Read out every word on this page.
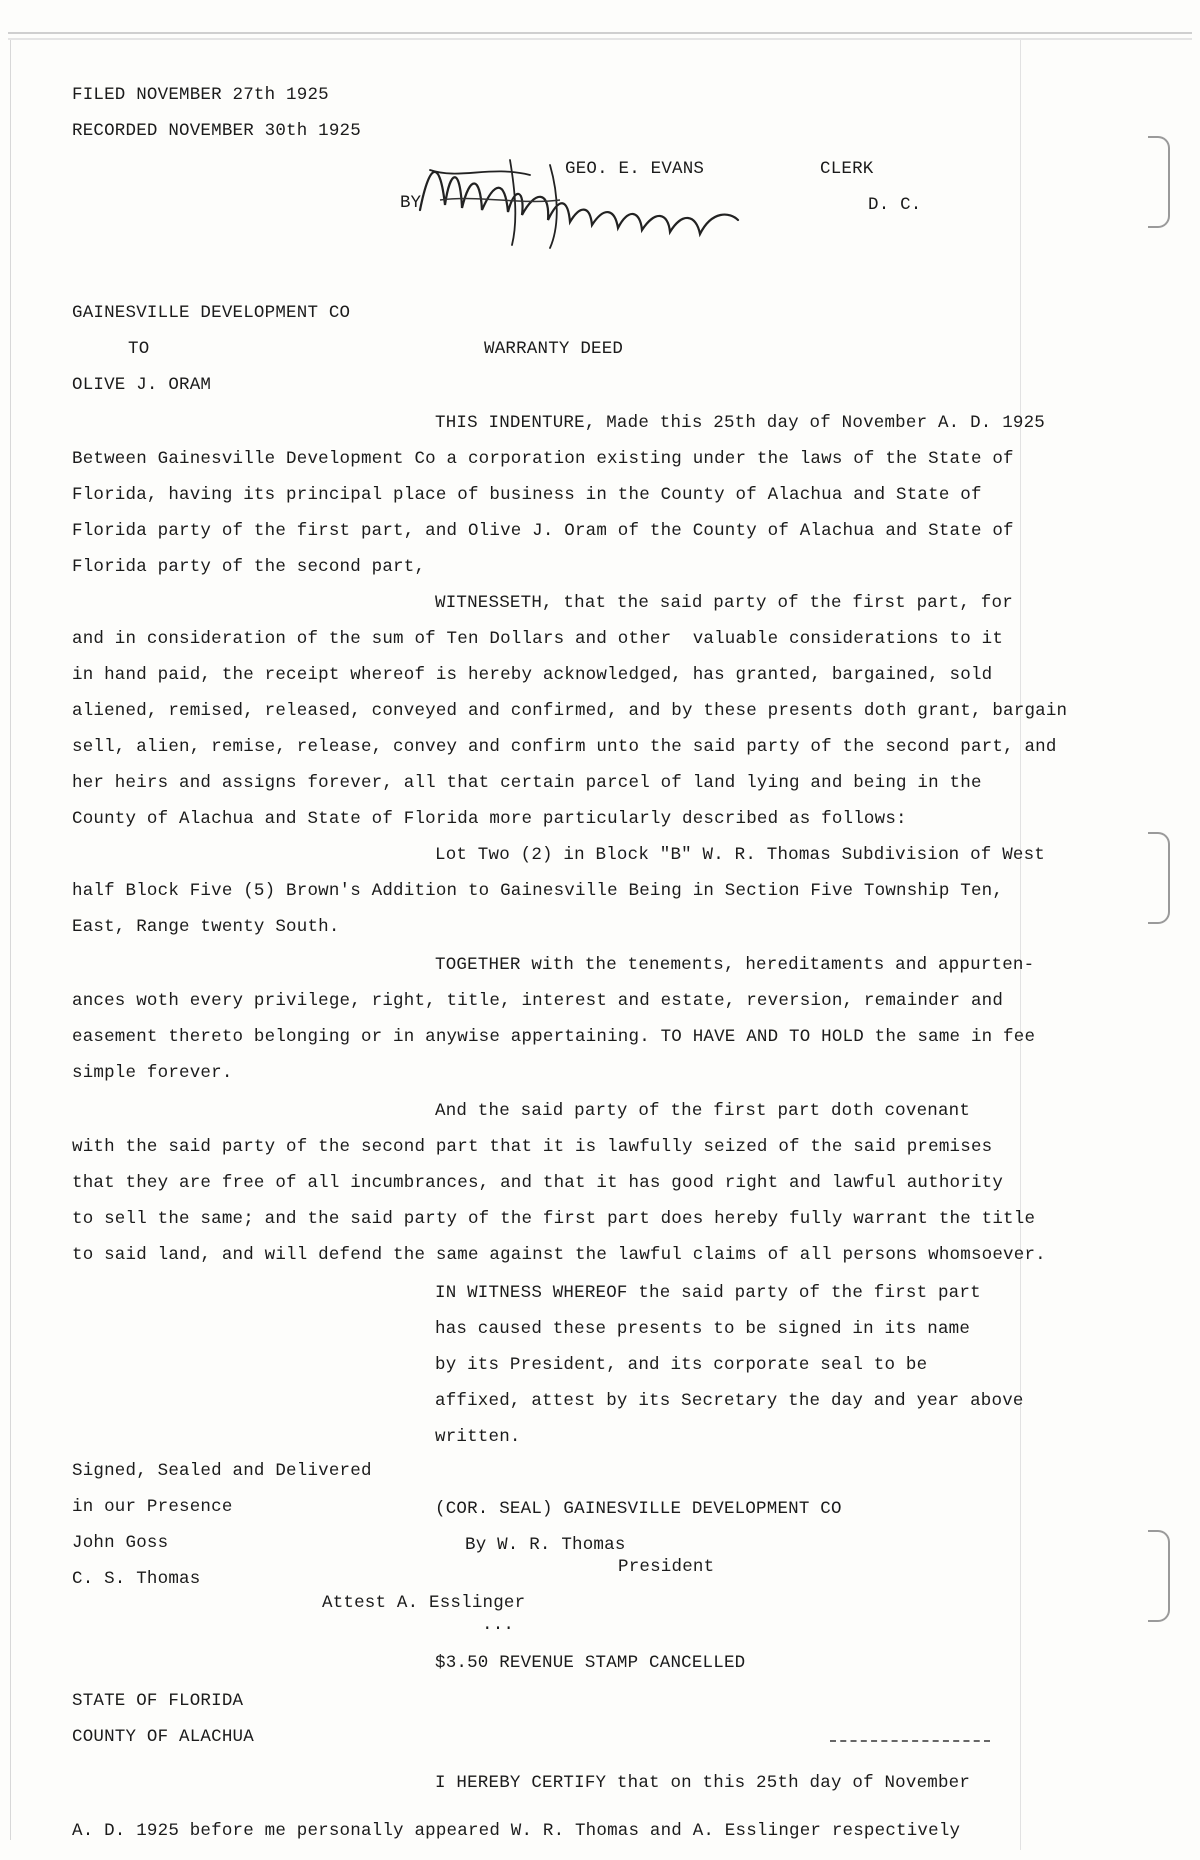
FILED NOVEMBER 27th 1925
RECORDED NOVEMBER 30th 1925
GEO. E. EVANS	CLERK
D. C.
BY
GAINESVILLE DEVELOPMENT CO
TO	WARRANTY DEED
OLIVE J. ORAM
THIS INDENTURE, Made this 25th day of November A. D. 1925
Between Gainesville Development Co a corporation existing under the laws of the State of
Florida, having its principal place of business in the County of Alachua and State of
Florida party of the first part, and Olive J. Oram of the County of Alachua and State of
Florida party of the second part,
WITNESSETH, that the said party of the first part, for
and in consideration of the sum of Ten Dollars and other  valuable considerations to it
in hand paid, the receipt whereof is hereby acknowledged, has granted, bargained, sold
aliened, remised, released, conveyed and confirmed, and by these presents doth grant, bargain
sell, alien, remise, release, convey and confirm unto the said party of the second part, and
her heirs and assigns forever, all that certain parcel of land lying and being in the
County of Alachua and State of Florida more particularly described as follows:
Lot Two (2) in Block "B" W. R. Thomas Subdivision of West
half Block Five (5) Brown's Addition to Gainesville Being in Section Five Township Ten,
East, Range twenty South.
TOGETHER with the tenements, hereditaments and appurten-
ances woth every privilege, right, title, interest and estate, reversion, remainder and
easement thereto belonging or in anywise appertaining. TO HAVE AND TO HOLD the same in fee
simple forever.
And the said party of the first part doth covenant
with the said party of the second part that it is lawfully seized of the said premises
that they are free of all incumbrances, and that it has good right and lawful authority
to sell the same; and the said party of the first part does hereby fully warrant the title
to said land, and will defend the same against the lawful claims of all persons whomsoever.
IN WITNESS WHEREOF the said party of the first part
has caused these presents to be signed in its name
by its President, and its corporate seal to be
affixed, attest by its Secretary the day and year above
written.
Signed, Sealed and Delivered
in our Presence
John Goss
C. S. Thomas
(COR. SEAL) GAINESVILLE DEVELOPMENT CO
By W. R. Thomas
President
Attest A. Esslinger
...
$3.50 REVENUE STAMP CANCELLED
STATE OF FLORIDA
COUNTY OF ALACHUA
I HEREBY CERTIFY that on this 25th day of November
A. D. 1925 before me personally appeared W. R. Thomas and A. Esslinger respectively
